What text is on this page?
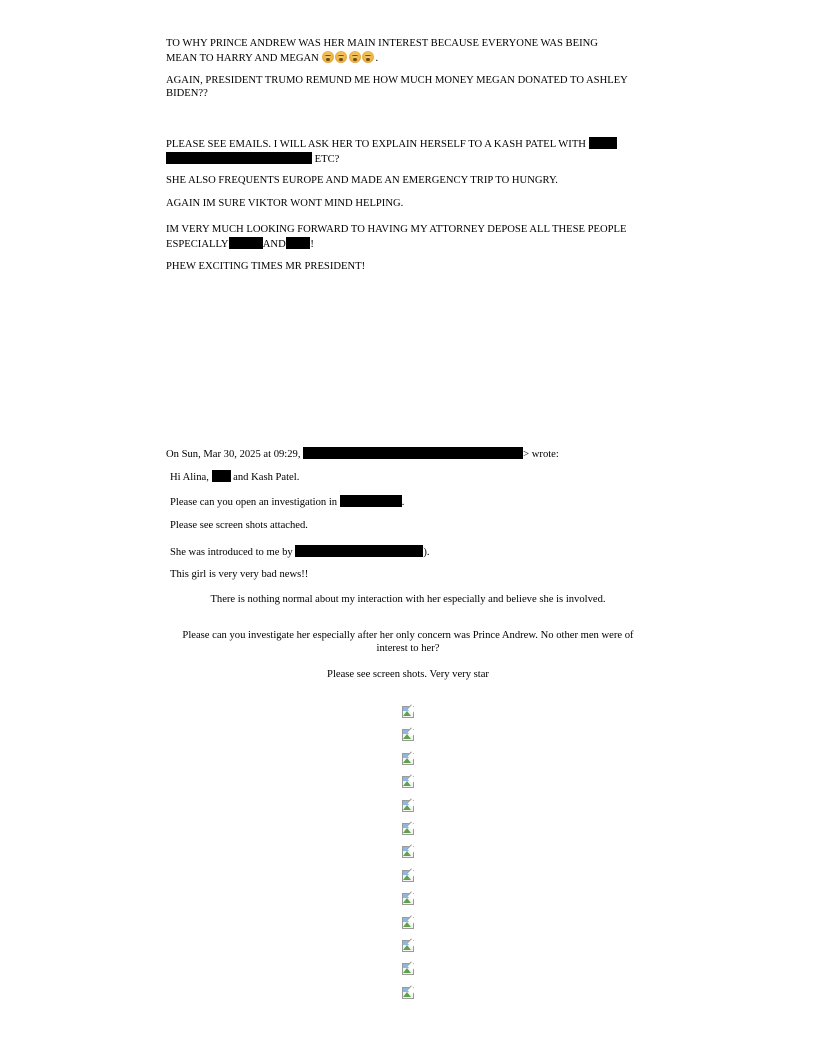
TO WHY PRINCE ANDREW WAS HER MAIN INTEREST BECAUSE EVERYONE WAS BEING
MEAN TO HARRY AND MEGAN	.

AGAIN, PRESIDENT TRUMO REMUND ME HOW MUCH MONEY MEGAN DONATED TO ASHLEY
BIDEN??

PLEASE SEE EMAILS. I WILL ASK HER TO EXPLAIN HERSELF TO A KASH PATEL WITH
ETC?

SHE ALSO FREQUENTS EUROPE AND MADE AN EMERGENCY TRIP TO HUNGRY.

AGAIN IM SURE VIKTOR WONT MIND HELPING.

IM VERY MUCH LOOKING FORWARD TO HAVING MY ATTORNEY DEPOSE ALL THESE PEOPLE
ESPECIALLY	AND !

PHEW EXCITING TIMES MR PRESIDENT!

On Sun, Mar 30, 2025 at 09:29,	> wrote:
Hi Alina, and Kash Patel.
Please can you open an investigation in	.
Please see screen shots attached.
She was introduced to me by	).
This girl is very very bad news!!
There is nothing normal about my interaction with her especially and believe she is involved.
Please can you investigate her especially after her only concern was Prince Andrew. No other men were of interest to her?
Please see screen shots. Very very star
